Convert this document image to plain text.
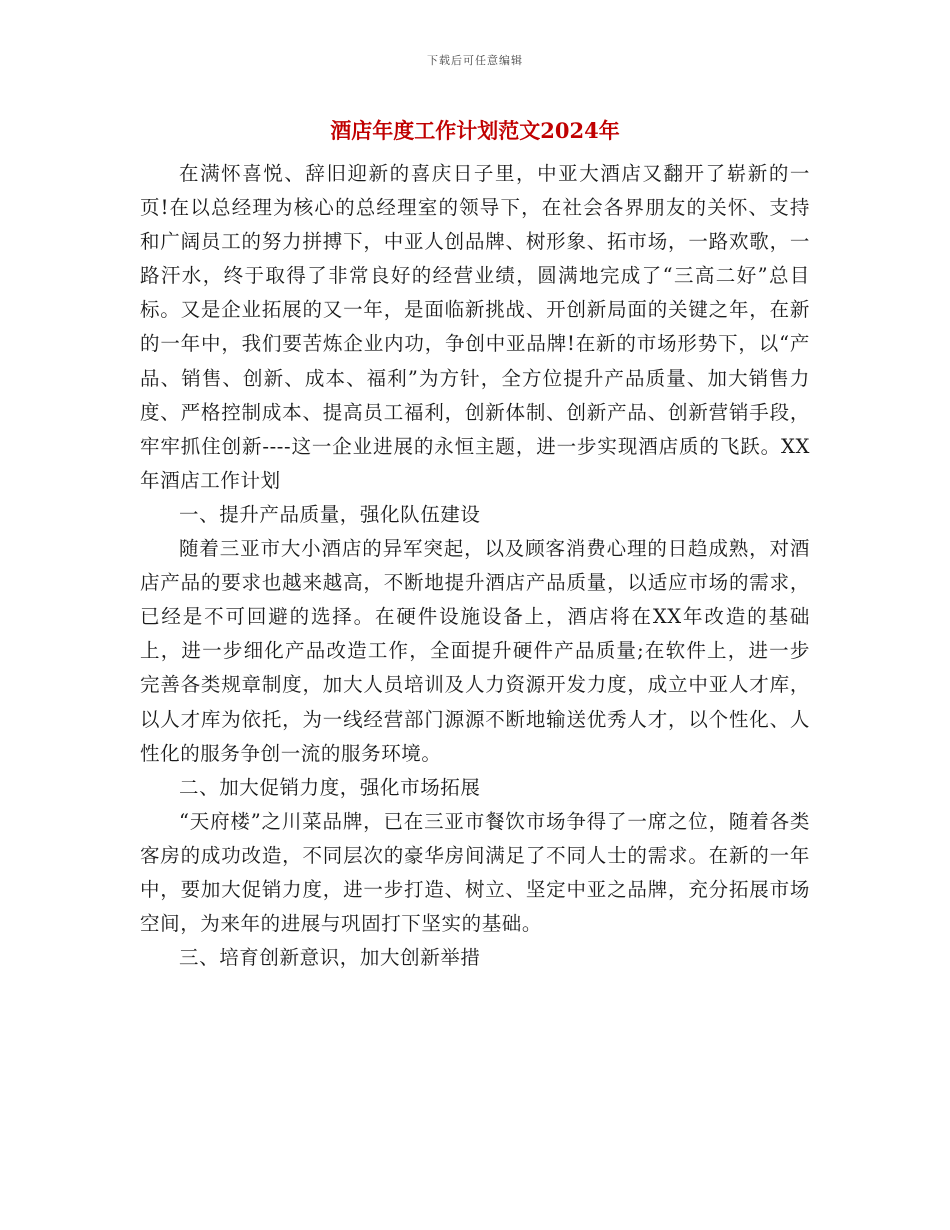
下载后可任意编辑
酒店年度工作计划范文2024年

在满怀喜悦、辞旧迎新的喜庆日子里，中亚大酒店又翻开了崭新的一页!在以总经理为核心的总经理室的领导下，在社会各界朋友的关怀、支持和广阔员工的努力拼搏下，中亚人创品牌、树形象、拓市场，一路欢歌，一路汗水，终于取得了非常良好的经营业绩，圆满地完成了“三高二好”总目标。又是企业拓展的又一年，是面临新挑战、开创新局面的关键之年，在新的一年中，我们要苦炼企业内功，争创中亚品牌!在新的市场形势下，以“产品、销售、创新、成本、福利”为方针，全方位提升产品质量、加大销售力度、严格控制成本、提高员工福利，创新体制、创新产品、创新营销手段，牢牢抓住创新----这一企业进展的永恒主题，进一步实现酒店质的飞跃。XX年酒店工作计划

一、提升产品质量，强化队伍建设

随着三亚市大小酒店的异军突起，以及顾客消费心理的日趋成熟，对酒店产品的要求也越来越高，不断地提升酒店产品质量，以适应市场的需求，已经是不可回避的选择。在硬件设施设备上，酒店将在XX年改造的基础上，进一步细化产品改造工作，全面提升硬件产品质量;在软件上，进一步完善各类规章制度，加大人员培训及人力资源开发力度，成立中亚人才库，以人才库为依托，为一线经营部门源源不断地输送优秀人才，以个性化、人性化的服务争创一流的服务环境。

二、加大促销力度，强化市场拓展

“天府楼”之川菜品牌，已在三亚市餐饮市场争得了一席之位，随着各类客房的成功改造，不同层次的豪华房间满足了不同人士的需求。在新的一年中，要加大促销力度，进一步打造、树立、坚定中亚之品牌，充分拓展市场空间，为来年的进展与巩固打下坚实的基础。

三、培育创新意识，加大创新举措
